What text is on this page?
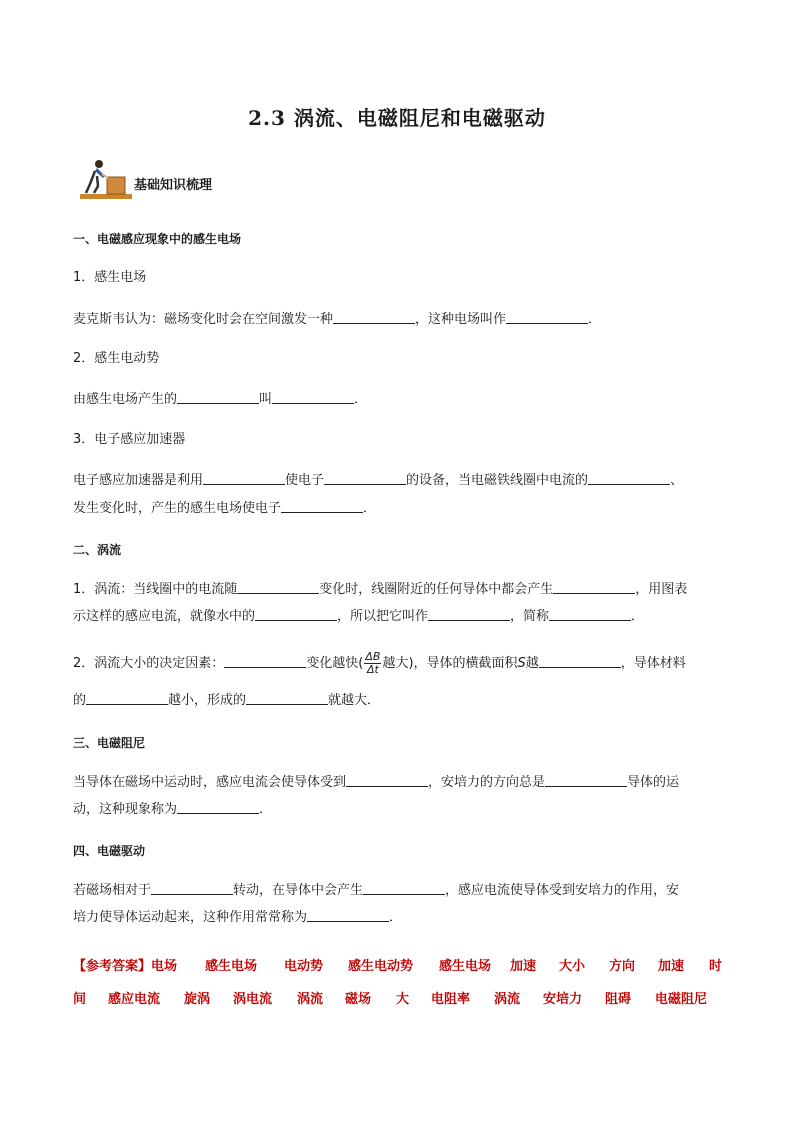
2.3 涡流、电磁阻尼和电磁驱动
基础知识梳理
一、电磁感应现象中的感生电场
1．感生电场
麦克斯韦认为：磁场变化时会在空间激发一种	，这种电场叫作	．
2．感生电动势
由感生电场产生的	叫	．
3．电子感应加速器
电子感应加速器是利用	使电子	的设备，当电磁铁线圈中电流的	、
发生变化时，产生的感生电场使电子	．
二、涡流
1．涡流：当线圈中的电流随	变化时，线圈附近的任何导体中都会产生	，用图表
示这样的感应电流，就像水中的	，所以把它叫作	，简称	．
2．涡流大小的决定因素：	变化越快( $\frac{\Delta B}{\Delta t}$ 越大)，导体的横截面积S越	，导体材料
的	越小，形成的	就越大．
三、电磁阻尼
当导体在磁场中运动时，感应电流会使导体受到	，安培力的方向总是	导体的运
动，这种现象称为	．
四、电磁驱动
若磁场相对于	转动，在导体中会产生	，感应电流使导体受到安培力的作用，安
培力使导体运动起来，这种作用常常称为	．
【参考答案】电场 感生电场 电动势 感生电动势 感生电场 加速 大小 方向 加速 时
间 感应电流 旋涡 涡电流 涡流 磁场 大 电阻率 涡流 安培力 阻碍 电磁阻尼
